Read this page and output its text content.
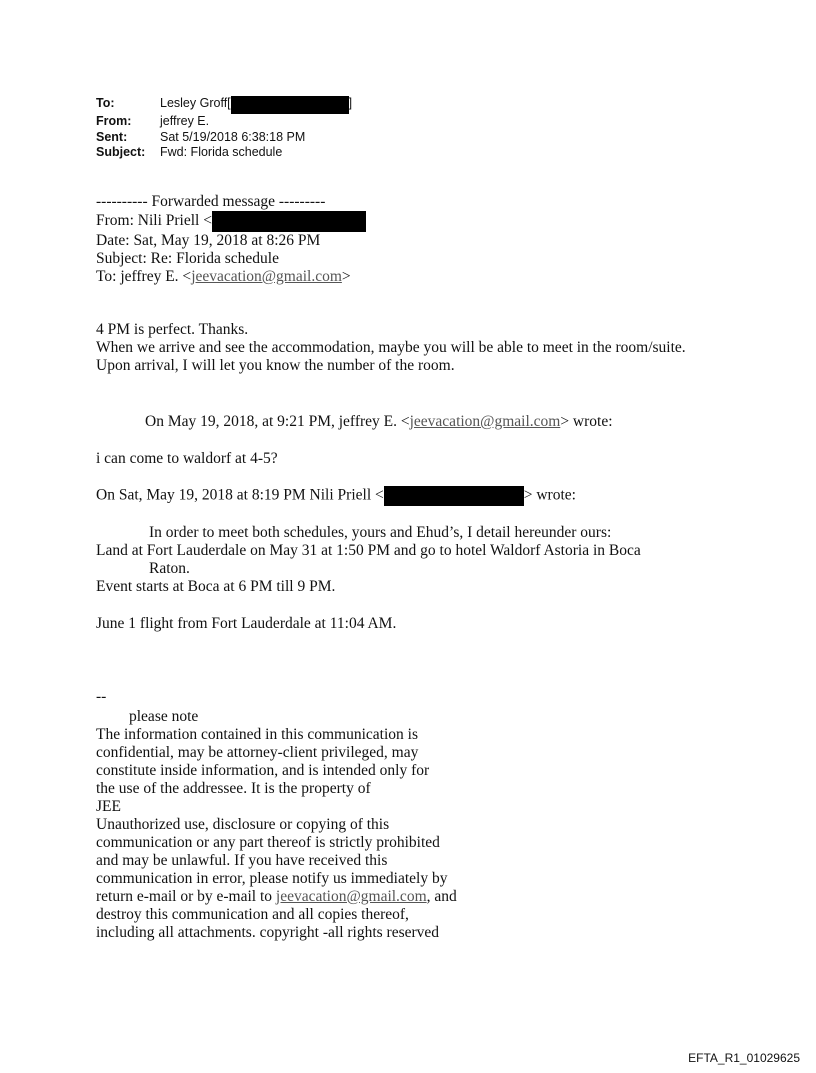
To:	Lesley Groff[	]
From:	jeffrey E.
Sent:	Sat 5/19/2018 6:38:18 PM
Subject:	Fwd: Florida schedule
---------- Forwarded message ---------
From: Nili Priell <
Date: Sat, May 19, 2018 at 8:26 PM
Subject: Re: Florida schedule
To: jeffrey E. <jeevacation@gmail.com>
4 PM is perfect. Thanks.
When we arrive and see the accommodation, maybe you will be able to meet in the room/suite.
Upon arrival, I will let you know the number of the room.
On May 19, 2018, at 9:21 PM, jeffrey E. <jeevacation@gmail.com> wrote:
i can come to waldorf at 4-5?
On Sat, May 19, 2018 at 8:19 PM Nili Priell <	> wrote:
In order to meet both schedules, yours and Ehud’s, I detail hereunder ours:
Land at Fort Lauderdale on May 31 at 1:50 PM and go to hotel Waldorf Astoria in Boca
Raton.
Event starts at Boca at 6 PM till 9 PM.
June 1 flight from Fort Lauderdale at 11:04 AM.
--
please note
The information contained in this communication is
confidential, may be attorney-client privileged, may
constitute inside information, and is intended only for
the use of the addressee. It is the property of
JEE
Unauthorized use, disclosure or copying of this
communication or any part thereof is strictly prohibited
and may be unlawful. If you have received this
communication in error, please notify us immediately by
return e-mail or by e-mail to jeevacation@gmail.com, and
destroy this communication and all copies thereof,
including all attachments. copyright -all rights reserved
EFTA_R1_01029625
